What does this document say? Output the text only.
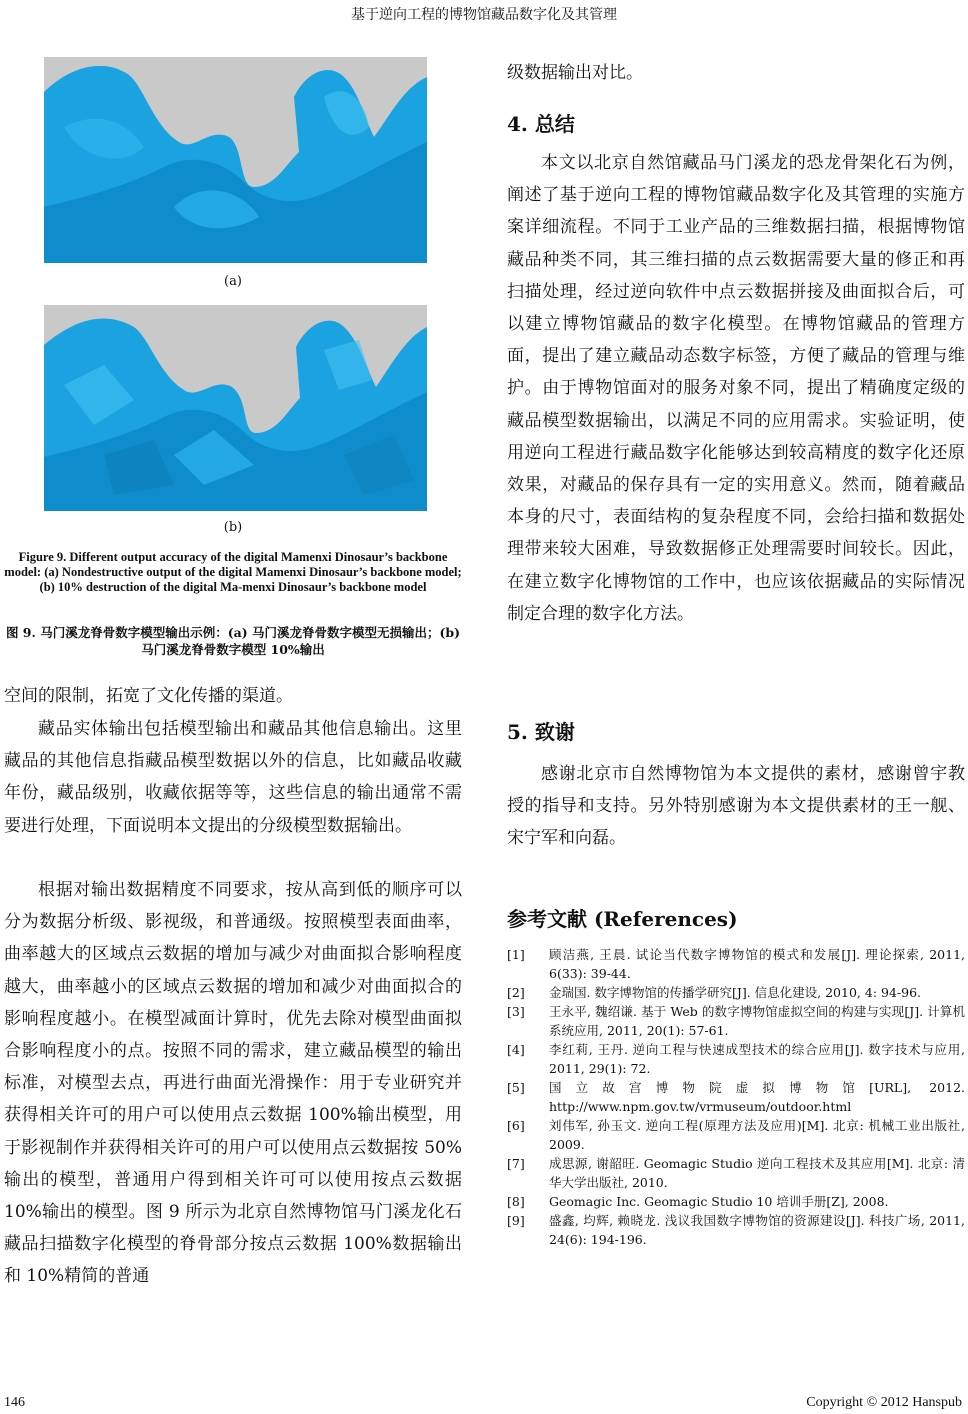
基于逆向工程的博物馆藏品数字化及其管理
(a)
(b)
Figure 9. Different output accuracy of the digital Mamenxi Dinosaur’s backbone model: (a) Nondestructive output of the digital Mamenxi Dinosaur’s backbone model; (b) 10% destruction of the digital Ma-menxi Dinosaur’s backbone model
图 9. 马门溪龙脊骨数字模型输出示例：(a) 马门溪龙脊骨数字模型无损输出；(b) 马门溪龙脊骨数字模型 10%输出

空间的限制，拓宽了文化传播的渠道。

藏品实体输出包括模型输出和藏品其他信息输出。这里藏品的其他信息指藏品模型数据以外的信息，比如藏品收藏年份，藏品级别，收藏依据等等，这些信息的输出通常不需要进行处理，下面说明本文提出的分级模型数据输出。

根据对输出数据精度不同要求，按从高到低的顺序可以分为数据分析级、影视级，和普通级。按照模型表面曲率，曲率越大的区域点云数据的增加与减少对曲面拟合影响程度越大，曲率越小的区域点云数据的增加和减少对曲面拟合的影响程度越小。在模型减面计算时，优先去除对模型曲面拟合影响程度小的点。按照不同的需求，建立藏品模型的输出标准，对模型去点，再进行曲面光滑操作：用于专业研究并获得相关许可的用户可以使用点云数据 100%输出模型，用于影视制作并获得相关许可的用户可以使用点云数据按 50%输出的模型，普通用户得到相关许可可以使用按点云数据 10%输出的模型。图 9 所示为北京自然博物馆马门溪龙化石藏品扫描数字化模型的脊骨部分按点云数据 100%数据输出和 10%精简的普通

级数据输出对比。

4. 总结

本文以北京自然馆藏品马门溪龙的恐龙骨架化石为例，阐述了基于逆向工程的博物馆藏品数字化及其管理的实施方案详细流程。不同于工业产品的三维数据扫描，根据博物馆藏品种类不同，其三维扫描的点云数据需要大量的修正和再扫描处理，经过逆向软件中点云数据拼接及曲面拟合后，可以建立博物馆藏品的数字化模型。在博物馆藏品的管理方面，提出了建立藏品动态数字标签，方便了藏品的管理与维护。由于博物馆面对的服务对象不同，提出了精确度定级的藏品模型数据输出，以满足不同的应用需求。实验证明，使用逆向工程进行藏品数字化能够达到较高精度的数字化还原效果，对藏品的保存具有一定的实用意义。然而，随着藏品本身的尺寸，表面结构的复杂程度不同，会给扫描和数据处理带来较大困难，导致数据修正处理需要时间较长。因此，在建立数字化博物馆的工作中，也应该依据藏品的实际情况制定合理的数字化方法。

5. 致谢

感谢北京市自然博物馆为本文提供的素材，感谢曾宇教授的指导和支持。另外特别感谢为本文提供素材的王一舰、宋宁军和向磊。

参考文献 (References)
[1] 顾洁燕, 王晨. 试论当代数字博物馆的模式和发展[J]. 理论探索, 2011, 6(33): 39-44.
[2] 金瑞国. 数字博物馆的传播学研究[J]. 信息化建设, 2010, 4: 94-96.
[3] 王永平, 魏绍谦. 基于 Web 的数字博物馆虚拟空间的构建与实现[J]. 计算机系统应用, 2011, 20(1): 57-61.
[4] 李红莉, 王丹. 逆向工程与快速成型技术的综合应用[J]. 数字技术与应用, 2011, 29(1): 72.
[5] 国立故宫博物院虚拟博物馆[URL], 2012. http://www.npm.gov.tw/vrmuseum/outdoor.html
[6] 刘伟军, 孙玉文. 逆向工程(原理方法及应用)[M]. 北京: 机械工业出版社, 2009.
[7] 成思源, 谢韶旺. Geomagic Studio 逆向工程技术及其应用[M]. 北京: 清华大学出版社, 2010.
[8] Geomagic Inc. Geomagic Studio 10 培训手册[Z], 2008.
[9] 盛鑫, 均辉, 赖晓龙. 浅议我国数字博物馆的资源建设[J]. 科技广场, 2011, 24(6): 194-196.
146	Copyright © 2012 Hanspub
